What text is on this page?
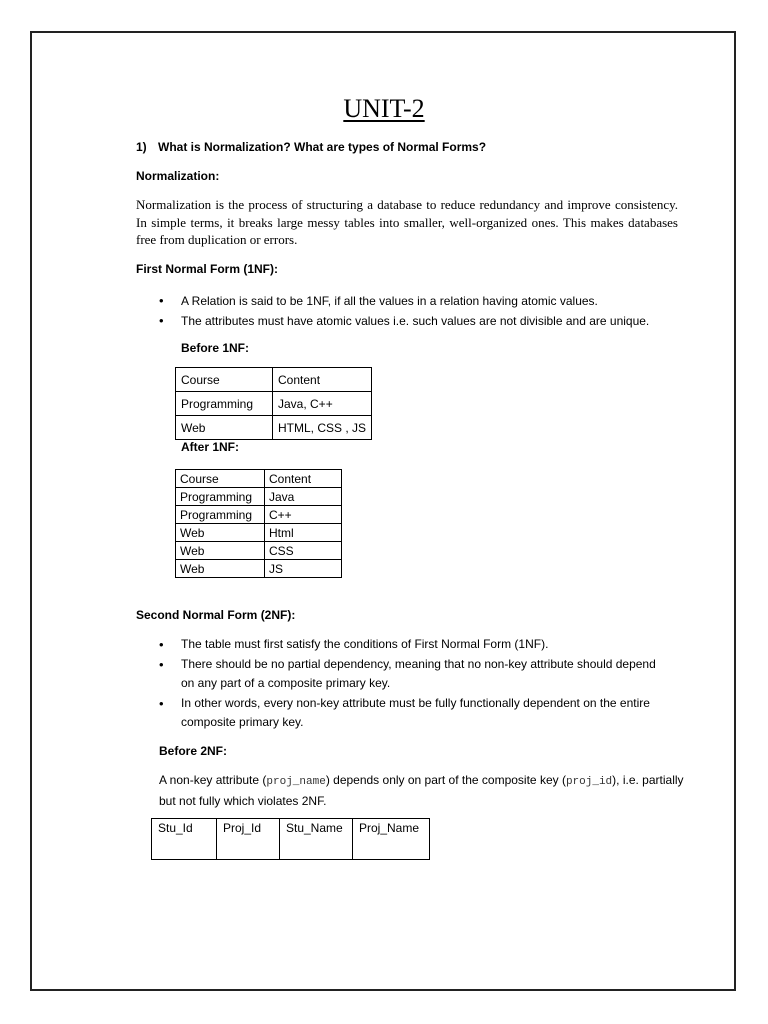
UNIT-2
1) What is Normalization? What are types of Normal Forms?
Normalization:
Normalization is the process of structuring a database to reduce redundancy and improve consistency. In simple terms, it breaks large messy tables into smaller, well-organized ones. This makes databases free from duplication or errors.
First Normal Form (1NF):
• A Relation is said to be 1NF, if all the values in a relation having atomic values.
• The attributes must have atomic values i.e. such values are not divisible and are unique.
Before 1NF:
Course	Content
Programming	Java, C++
Web	HTML, CSS , JS
After 1NF:
Course	Content
Programming	Java
Programming	C++
Web	Html
Web	CSS
Web	JS
Second Normal Form (2NF):
• The table must first satisfy the conditions of First Normal Form (1NF).
• There should be no partial dependency, meaning that no non-key attribute should depend on any part of a composite primary key.
• In other words, every non-key attribute must be fully functionally dependent on the entire composite primary key.
Before 2NF:
A non-key attribute (proj_name) depends only on part of the composite key (proj_id), i.e. partially but not fully which violates 2NF.
Stu_Id	Proj_Id	Stu_Name	Proj_Name
